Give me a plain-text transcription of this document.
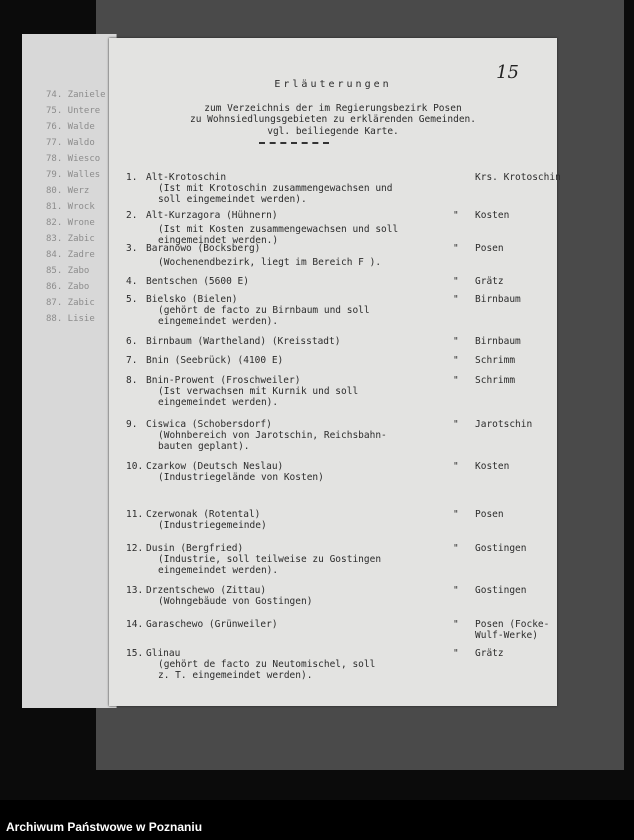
74. Zaniele
75. Untere
76. Walde
77. Waldo
78. Wiesco
79. Walles
80. Werz
81. Wrock
82. Wrone
83. Zabic
84. Zadre
85. Zabo
86. Zabo
87. Zabic
88. Lisie
15
Erläuterungen
zum Verzeichnis der im Regierungsbezirk Posen
zu Wohnsiedlungsgebieten zu erklärenden Gemeinden.
vgl. beiliegende Karte.
1. Alt-Krotoschin	Krs. Krotoschin
(Ist mit Krotoschin zusammengewachsen und
soll eingemeindet werden).
2. Alt-Kurzagora (Hühnern)	" Kosten
(Ist mit Kosten zusammengewachsen und soll
eingemeindet werden.)
3. Baranowo (Bocksberg)	" Posen
(Wochenendbezirk, liegt im Bereich F ).
4. Bentschen (5600 E)	" Grätz
5. Bielsko (Bielen)	" Birnbaum
(gehört de facto zu Birnbaum und soll
eingemeindet werden).
6. Birnbaum (Wartheland) (Kreisstadt)	" Birnbaum
7. Bnin (Seebrück) (4100 E)	" Schrimm
8. Bnin-Prowent (Froschweiler)	" Schrimm
(Ist verwachsen mit Kurnik und soll
eingemeindet werden).
9. Ciswica (Schobersdorf)	" Jarotschin
(Wohnbereich von Jarotschin, Reichsbahn-
bauten geplant).
10. Czarkow (Deutsch Neslau)	" Kosten
(Industriegelände von Kosten)
11. Czerwonak (Rotental)	" Posen
(Industriegemeinde)
12. Dusin (Bergfried)	" Gostingen
(Industrie, soll teilweise zu Gostingen
eingemeindet werden).
13. Drzentschewo (Zittau)	" Gostingen
(Wohngebäude von Gostingen)
14. Garaschewo (Grünweiler)	" Posen (Focke-
Wulf-Werke)
15. Glinau	" Grätz
(gehört de facto zu Neutomischel, soll
z. T. eingemeindet werden).
Archiwum Państwowe w Poznaniu
